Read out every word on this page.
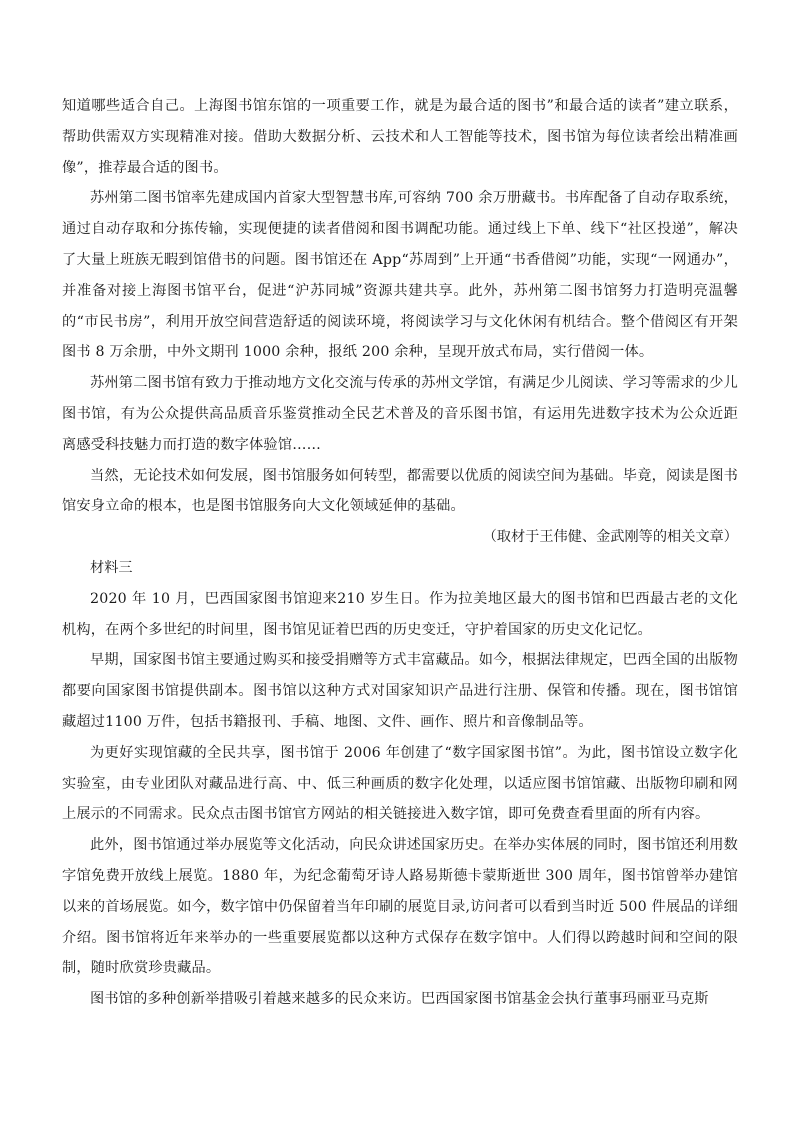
知道哪些适合自己。上海图书馆东馆的一项重要工作，就是为最合适的图书”和最合适的读者”建立联系，帮助供需双方实现精准对接。借助大数据分析、云技术和人工智能等技术，图书馆为每位读者绘出精准画像”，推荐最合适的图书。

苏州第二图书馆率先建成国内首家大型智慧书库,可容纳 700 余万册藏书。书库配备了自动存取系统，通过自动存取和分拣传输，实现便捷的读者借阅和图书调配功能。通过线上下单、线下“社区投递”，解决了大量上班族无暇到馆借书的问题。图书馆还在 App“苏周到”上开通“书香借阅”功能，实现“一网通办”，并准备对接上海图书馆平台，促进“沪苏同城”资源共建共享。此外，苏州第二图书馆努力打造明亮温馨的“市民书房”，利用开放空间营造舒适的阅读环境，将阅读学习与文化休闲有机结合。整个借阅区有开架图书 8 万余册，中外文期刊 1000 余种，报纸 200 余种，呈现开放式布局，实行借阅一体。

苏州第二图书馆有致力于推动地方文化交流与传承的苏州文学馆，有满足少儿阅读、学习等需求的少儿图书馆，有为公众提供高品质音乐鉴赏推动全民艺术普及的音乐图书馆，有运用先进数字技术为公众近距离感受科技魅力而打造的数字体验馆……

当然，无论技术如何发展，图书馆服务如何转型，都需要以优质的阅读空间为基础。毕竟，阅读是图书馆安身立命的根本，也是图书馆服务向大文化领域延伸的基础。

（取材于王伟健、金武刚等的相关文章）

材料三

2020 年 10 月，巴西国家图书馆迎来210 岁生日。作为拉美地区最大的图书馆和巴西最古老的文化机构，在两个多世纪的时间里，图书馆见证着巴西的历史变迁，守护着国家的历史文化记忆。

早期，国家图书馆主要通过购买和接受捐赠等方式丰富藏品。如今，根据法律规定，巴西全国的出版物都要向国家图书馆提供副本。图书馆以这种方式对国家知识产品进行注册、保管和传播。现在，图书馆馆藏超过1100 万件，包括书籍报刊、手稿、地图、文件、画作、照片和音像制品等。

为更好实现馆藏的全民共享，图书馆于 2006 年创建了“数字国家图书馆”。为此，图书馆设立数字化实验室，由专业团队对藏品进行高、中、低三种画质的数字化处理，以适应图书馆馆藏、出版物印刷和网上展示的不同需求。民众点击图书馆官方网站的相关链接进入数字馆，即可免费查看里面的所有内容。

此外，图书馆通过举办展览等文化活动，向民众讲述国家历史。在举办实体展的同时，图书馆还利用数字馆免费开放线上展览。1880 年，为纪念葡萄牙诗人路易斯德卡蒙斯逝世 300 周年，图书馆曾举办建馆以来的首场展览。如今，数字馆中仍保留着当年印刷的展览目录,访问者可以看到当时近 500 件展品的详细介绍。图书馆将近年来举办的一些重要展览都以这种方式保存在数字馆中。人们得以跨越时间和空间的限制，随时欣赏珍贵藏品。

图书馆的多种创新举措吸引着越来越多的民众来访。巴西国家图书馆基金会执行董事玛丽亚马克斯
